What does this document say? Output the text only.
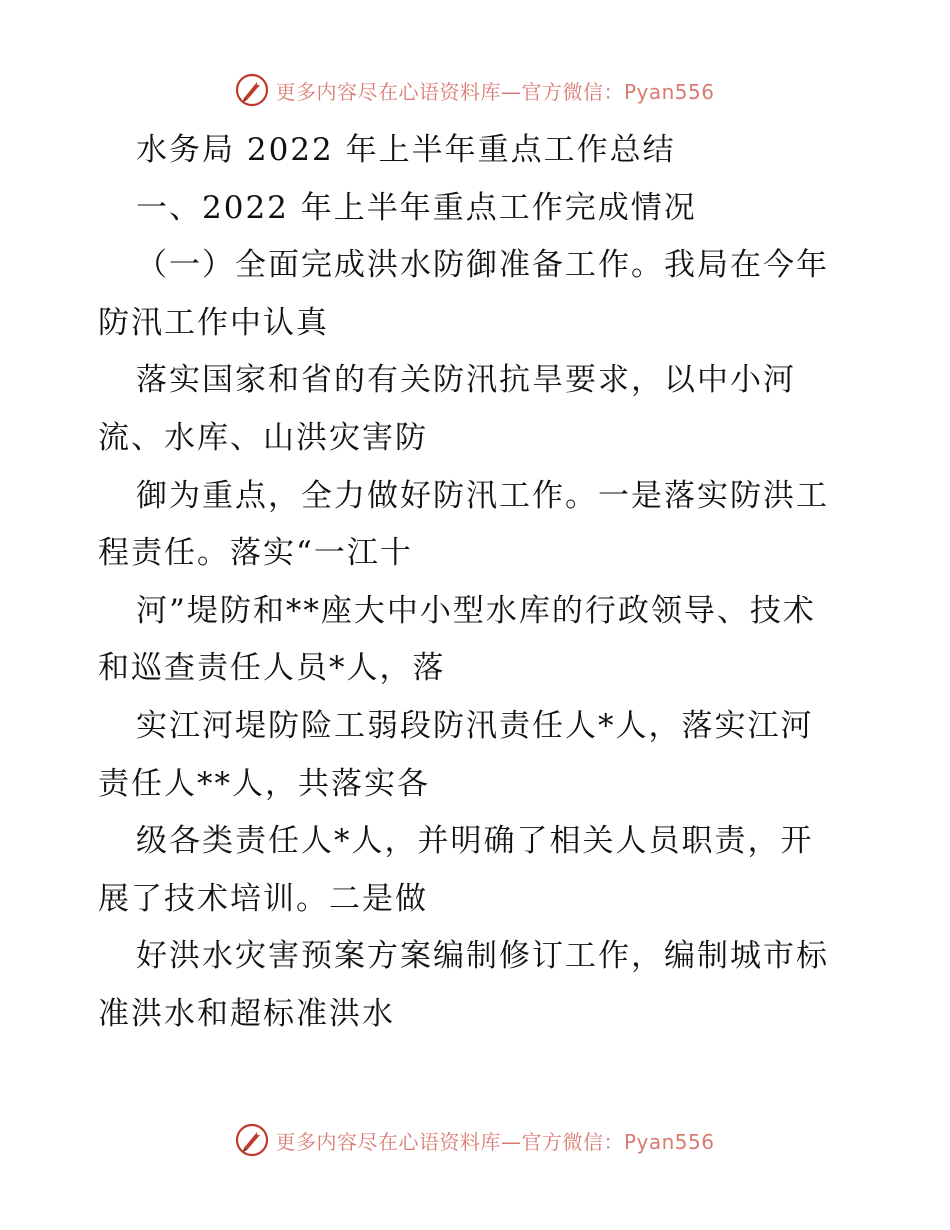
更多内容尽在心语资料库—官方微信：Pyan556
水务局 2022 年上半年重点工作总结
一、2022 年上半年重点工作完成情况
（一）全面完成洪水防御准备工作。我局在今年
防汛工作中认真
落实国家和省的有关防汛抗旱要求，以中小河
流、水库、山洪灾害防
御为重点，全力做好防汛工作。一是落实防洪工
程责任。落实“一江十
河”堤防和**座大中小型水库的行政领导、技术
和巡查责任人员*人，落
实江河堤防险工弱段防汛责任人*人，落实江河
责任人**人，共落实各
级各类责任人*人，并明确了相关人员职责，开
展了技术培训。二是做
好洪水灾害预案方案编制修订工作，编制城市标
准洪水和超标准洪水
更多内容尽在心语资料库—官方微信：Pyan556
